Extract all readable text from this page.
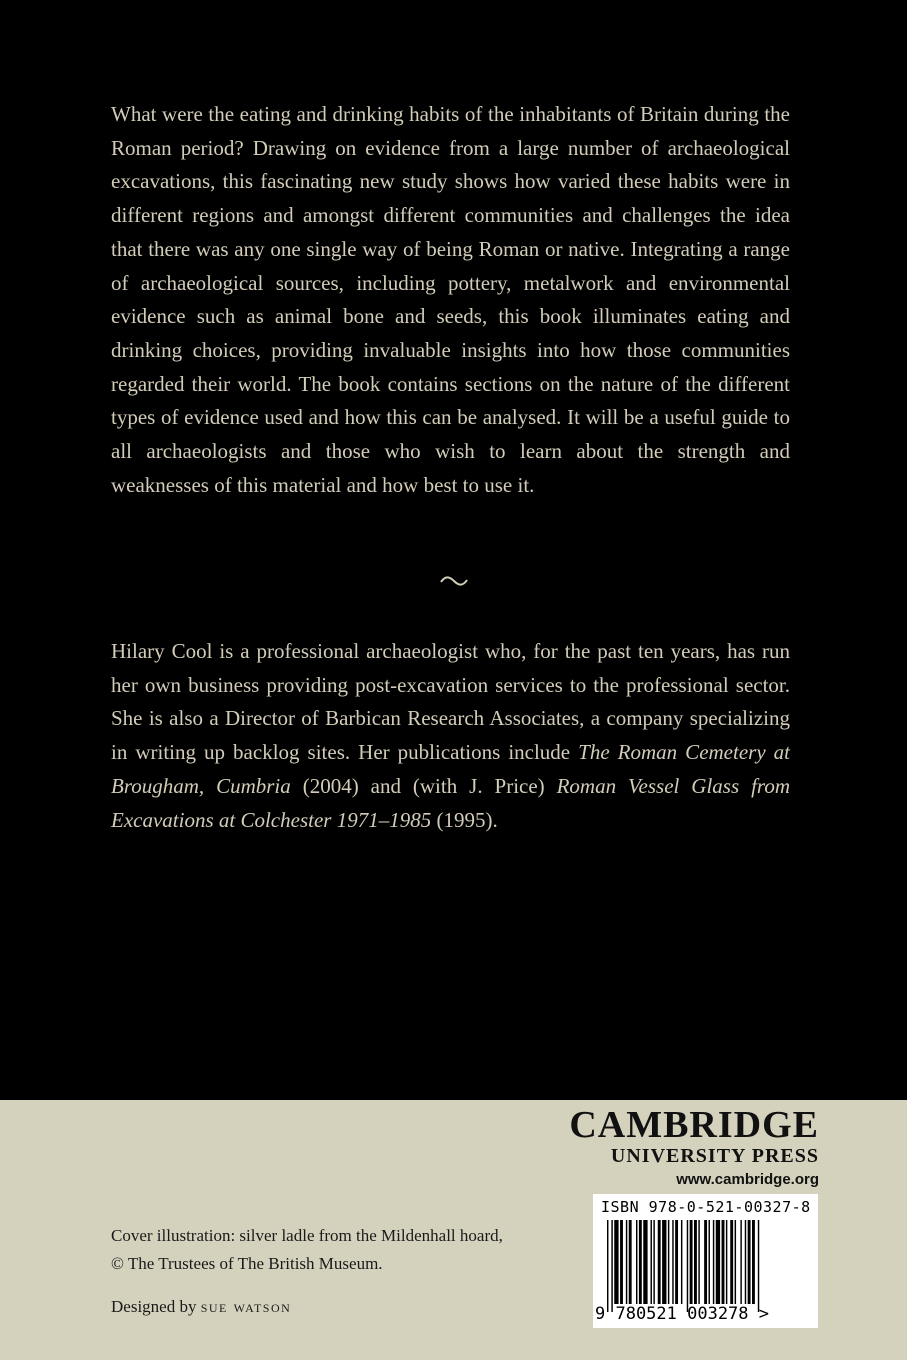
What were the eating and drinking habits of the inhabitants of Britain during the Roman period? Drawing on evidence from a large number of archaeological excavations, this fascinating new study shows how varied these habits were in different regions and amongst different communities and challenges the idea that there was any one single way of being Roman or native. Integrating a range of archaeological sources, including pottery, metalwork and environmental evidence such as animal bone and seeds, this book illuminates eating and drinking choices, providing invaluable insights into how those communities regarded their world. The book contains sections on the nature of the different types of evidence used and how this can be analysed. It will be a useful guide to all archaeologists and those who wish to learn about the strength and weaknesses of this material and how best to use it.

Hilary Cool is a professional archaeologist who, for the past ten years, has run her own business providing post-excavation services to the professional sector. She is also a Director of Barbican Research Associates, a company specializing in writing up backlog sites. Her publications include The Roman Cemetery at Brougham, Cumbria (2004) and (with J. Price) Roman Vessel Glass from Excavations at Colchester 1971–1985 (1995).

Cover illustration: silver ladle from the Mildenhall hoard,

© The Trustees of The British Museum.

Designed by sue watson

CAMBRIDGE
UNIVERSITY PRESS
www.cambridge.org
ISBN 978-0-521-00327-8
9 780521 003278 >
